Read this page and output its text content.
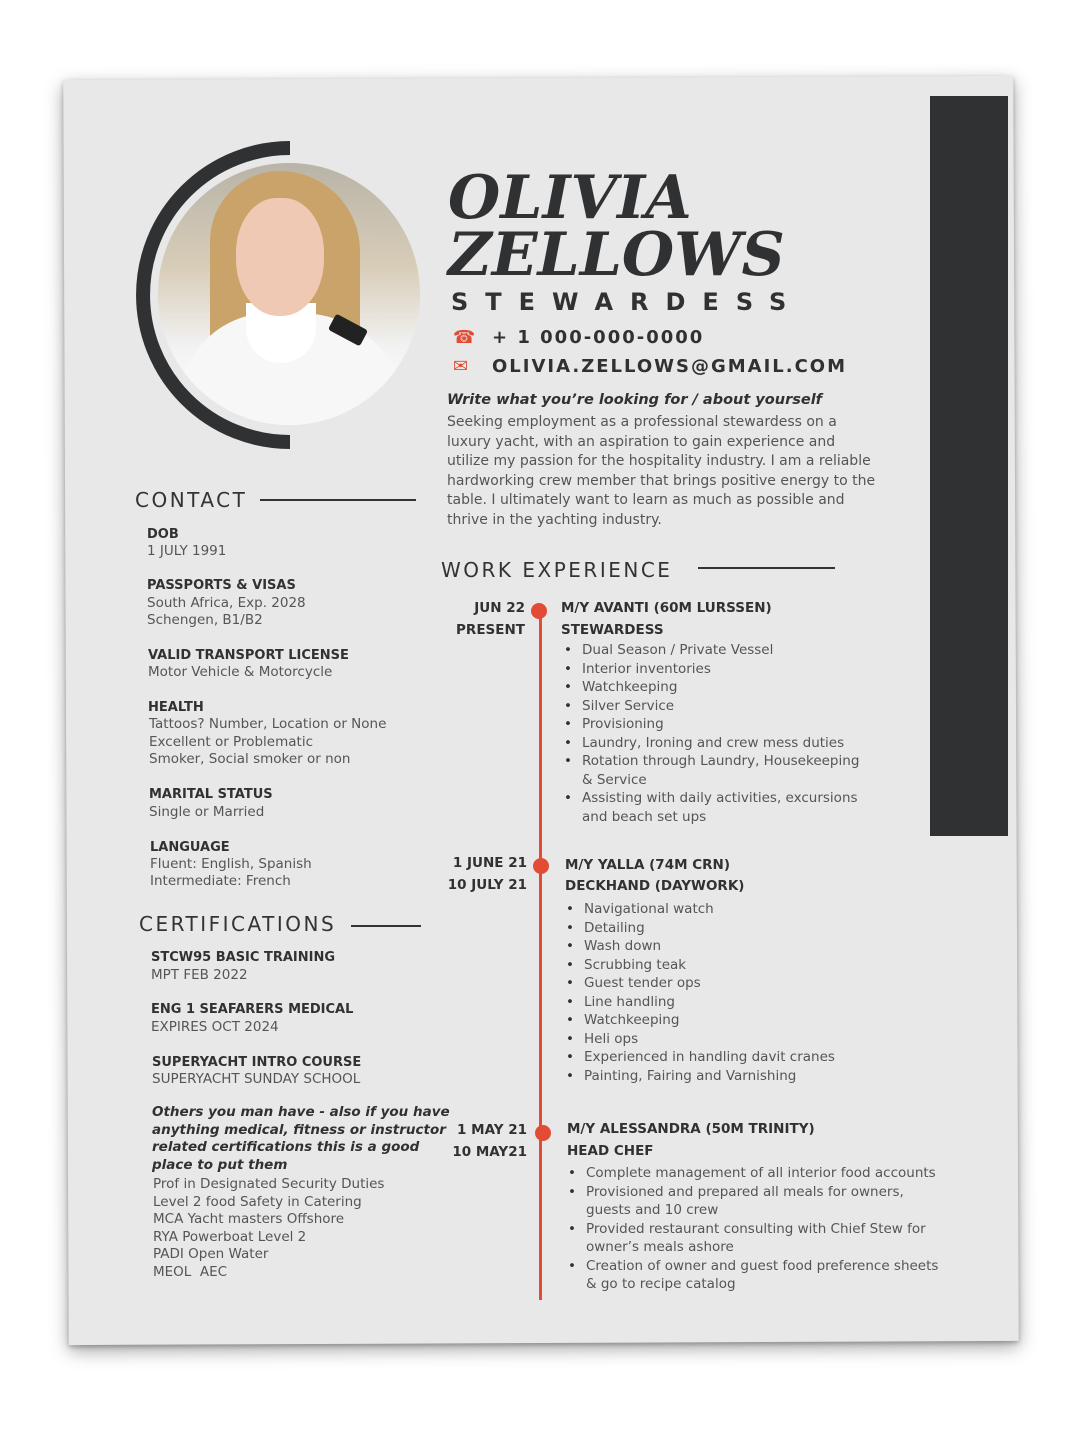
OLIVIA
ZELLOWS
STEWARDESS
☎ + 1 000-000-0000
✉ OLIVIA.ZELLOWS@GMAIL.COM
Write what you’re looking for / about yourself
Seeking employment as a professional stewardess on a luxury yacht, with an aspiration to gain experience and utilize my passion for the hospitality industry. I am a reliable hardworking crew member that brings positive energy to the table. I ultimately want to learn as much as possible and thrive in the yachting industry.
CONTACT
DOB
1 JULY 1991
PASSPORTS & VISAS
South Africa, Exp. 2028
Schengen, B1/B2
VALID TRANSPORT LICENSE
Motor Vehicle & Motorcycle
HEALTH
Tattoos? Number, Location or None
Excellent or Problematic
Smoker, Social smoker or non
MARITAL STATUS
Single or Married
LANGUAGE
Fluent: English, Spanish
Intermediate: French
CERTIFICATIONS
STCW95 BASIC TRAINING
MPT FEB 2022
ENG 1 SEAFARERS MEDICAL
EXPIRES OCT 2024
SUPERYACHT INTRO COURSE
SUPERYACHT SUNDAY SCHOOL
Others you man have - also if you have anything medical, fitness or instructor related certifications this is a good place to put them
Prof in Designated Security Duties
Level 2 food Safety in Catering
MCA Yacht masters Offshore
RYA Powerboat Level 2
PADI Open Water
MEOL  AEC
WORK EXPERIENCE
JUN 22
PRESENT
M/Y AVANTI (60M LURSSEN)
STEWARDESS
• Dual Season / Private Vessel
• Interior inventories
• Watchkeeping
• Silver Service
• Provisioning
• Laundry, Ironing and crew mess duties
• Rotation through Laundry, Housekeeping & Service
• Assisting with daily activities, excursions and beach set ups
1 JUNE 21
10 JULY 21
M/Y YALLA (74M CRN)
DECKHAND (DAYWORK)
• Navigational watch
• Detailing
• Wash down
• Scrubbing teak
• Guest tender ops
• Line handling
• Watchkeeping
• Heli ops
• Experienced in handling davit cranes
• Painting, Fairing and Varnishing
1 MAY 21
10 MAY21
M/Y ALESSANDRA (50M TRINITY)
HEAD CHEF
• Complete management of all interior food accounts
• Provisioned and prepared all meals for owners, guests and 10 crew
• Provided restaurant consulting with Chief Stew for owner’s meals ashore
• Creation of owner and guest food preference sheets & go to recipe catalog
